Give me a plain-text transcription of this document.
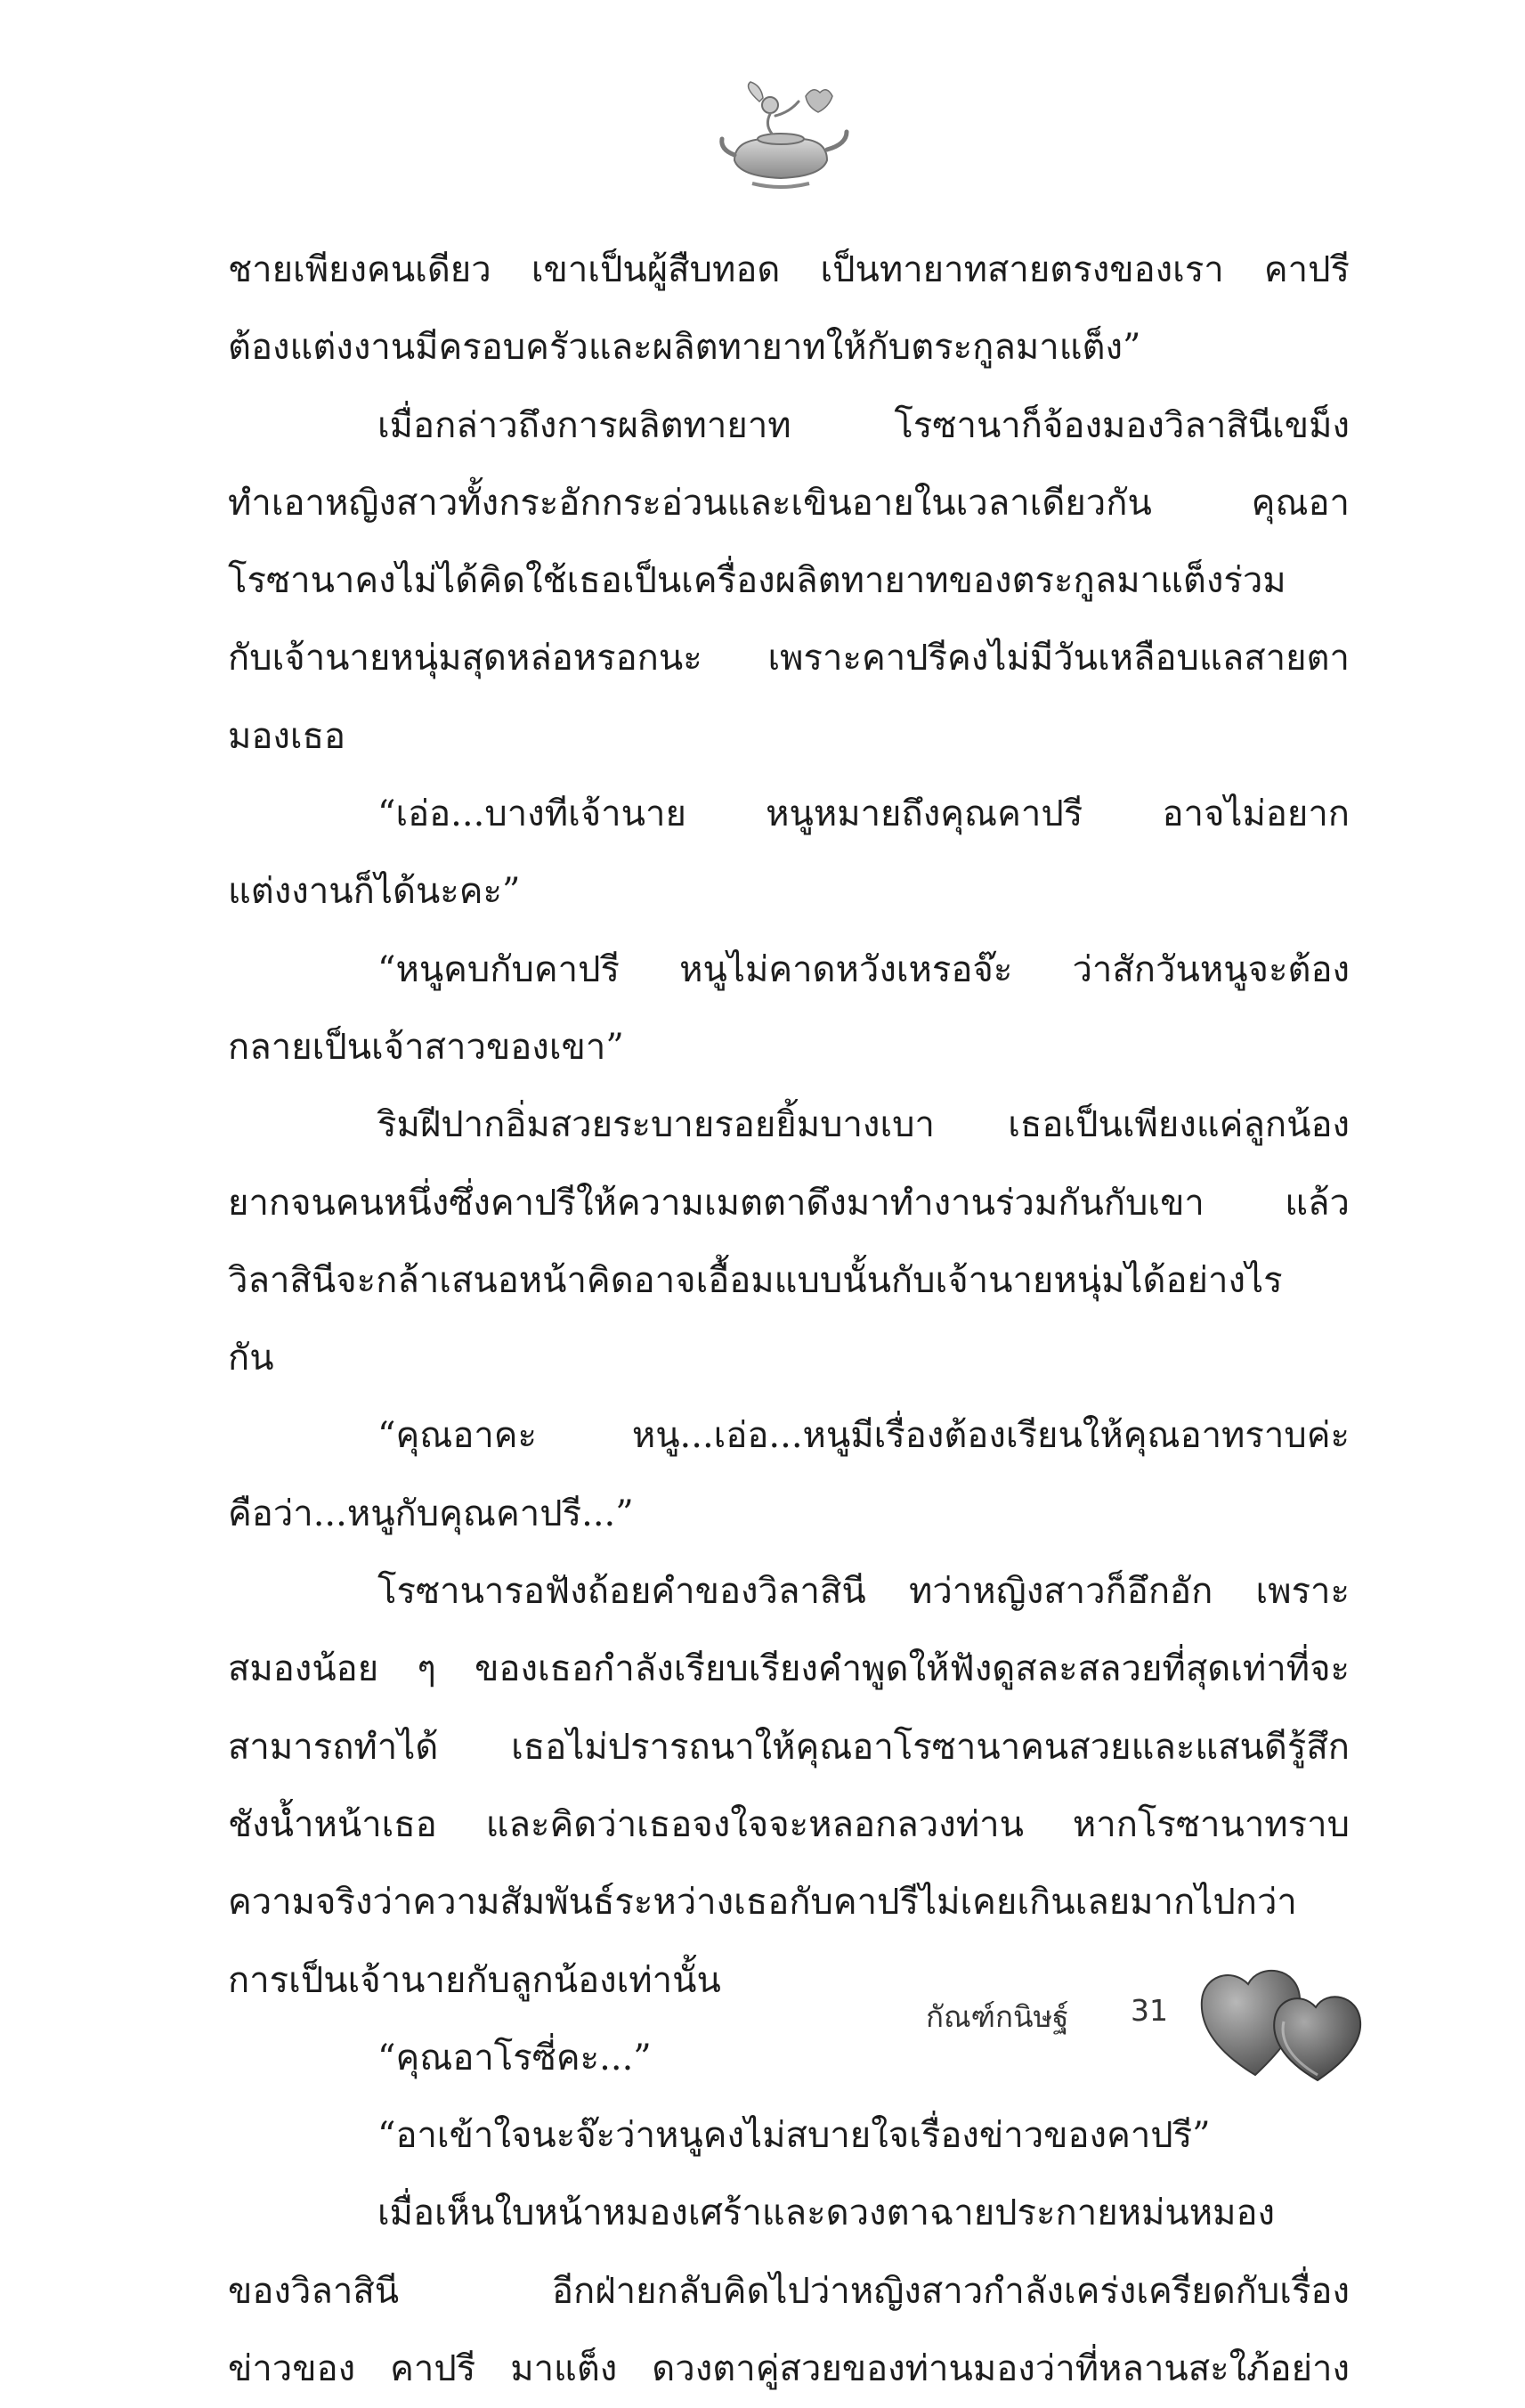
ชายเพียงคนเดียว เขาเป็นผู้สืบทอด เป็นทายาทสายตรงของเรา คาปรี
ต้องแต่งงานมีครอบครัวและผลิตทายาทให้กับตระกูลมาแต็ง”
เมื่อกล่าวถึงการผลิตทายาท โรซานาก็จ้องมองวิลาสินีเขม็ง
ทำเอาหญิงสาวทั้งกระอักกระอ่วนและเขินอายในเวลาเดียวกัน คุณอา
โรซานาคงไม่ได้คิดใช้เธอเป็นเครื่องผลิตทายาทของตระกูลมาแต็งร่วม
กับเจ้านายหนุ่มสุดหล่อหรอกนะ เพราะคาปรีคงไม่มีวันเหลือบแลสายตา
มองเธอ
“เอ่อ...บางทีเจ้านาย หนูหมายถึงคุณคาปรี อาจไม่อยาก
แต่งงานก็ได้นะคะ”
“หนูคบกับคาปรี หนูไม่คาดหวังเหรอจ๊ะ ว่าสักวันหนูจะต้อง
กลายเป็นเจ้าสาวของเขา”
ริมฝีปากอิ่มสวยระบายรอยยิ้มบางเบา เธอเป็นเพียงแค่ลูกน้อง
ยากจนคนหนึ่งซึ่งคาปรีให้ความเมตตาดึงมาทำงานร่วมกันกับเขา แล้ว
วิลาสินีจะกล้าเสนอหน้าคิดอาจเอื้อมแบบนั้นกับเจ้านายหนุ่มได้อย่างไร
กัน
“คุณอาคะ หนู...เอ่อ...หนูมีเรื่องต้องเรียนให้คุณอาทราบค่ะ
คือว่า...หนูกับคุณคาปรี...”
โรซานารอฟังถ้อยคำของวิลาสินี ทว่าหญิงสาวก็อึกอัก เพราะ
สมองน้อย ๆ ของเธอกำลังเรียบเรียงคำพูดให้ฟังดูสละสลวยที่สุดเท่าที่จะ
สามารถทำได้ เธอไม่ปรารถนาให้คุณอาโรซานาคนสวยและแสนดีรู้สึก
ชังน้ำหน้าเธอ และคิดว่าเธอจงใจจะหลอกลวงท่าน หากโรซานาทราบ
ความจริงว่าความสัมพันธ์ระหว่างเธอกับคาปรีไม่เคยเกินเลยมากไปกว่า
การเป็นเจ้านายกับลูกน้องเท่านั้น
“คุณอาโรซี่คะ...”
“อาเข้าใจนะจ๊ะว่าหนูคงไม่สบายใจเรื่องข่าวของคาปรี”
เมื่อเห็นใบหน้าหมองเศร้าและดวงตาฉายประกายหม่นหมอง
ของวิลาสินี อีกฝ่ายกลับคิดไปว่าหญิงสาวกำลังเคร่งเครียดกับเรื่อง
ข่าวของ คาปรี มาแต็ง ดวงตาคู่สวยของท่านมองว่าที่หลานสะใภ้อย่าง
กัณฑ์กนิษฐ์ 31
